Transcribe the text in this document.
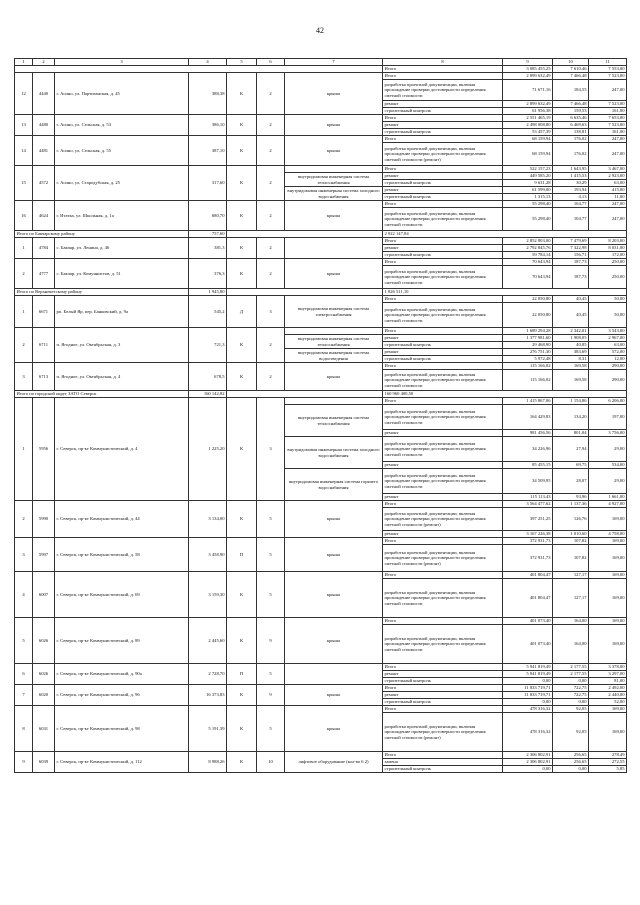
42
1	2	3	4	5	6	7	8	9	10	11
							Итого	3 085 455,25	7 610,46	7 553,00
12	4440	г. Асино, ул. Партизанская, д. 45	388,38	К	2	крыша	Итого	2 899 632,49	7 466,48	7 523,00
							разработка проектной документации, включая прохождение проверки достоверности определения сметной стоимости	71 671,16	184,55	247,00
							ремонт	2 899 632,49	7 466,48	7 523,00
							строительный контроль	61 956,38	159,53	161,00
13	4480	г. Асино, ул. Сельская, д. 53	386,10	К	2	крыша	Итого	2 551 465,19	6 635,46	7 653,00
							ремонт	2 498 008,80	6 469,63	7 523,00
							строительный контроль	53 457,39	138,81	161,00
14	4481	г. Асино, ул. Сельская, д. 55	387,10	К	2	крыша	Итого	68 159,94	176,02	247,00
							разработка проектной документации, включая прохождение проверки достоверности определения сметной стоимости (ремонт)	68 159,94	176,02	247,00
15	4572	г. Асино, ул. Стародубская, д. 25	317,60	К	2		Итого	522 157,23	1 643,95	3 467,00
						внутридомовая инженерная система теплоснабжения	ремонт	449 585,20	1 415,53	2 923,00
							строительный контроль	9 631,28	30,29	63,00
						внутридомовая инженерная система холодного водоснабжения	ремонт	61 599,00	193,94	415,00
							строительный контроль	1 315,13	4,13	11,00
16	4624	г. Итатка, ул. Школьная, д. 1а	680,70	К	2	крыша	Итого	55 298,40	104,77	247,00
							разработка проектной документации, включая прохождение проверки достоверности определения сметной стоимости	55 298,40	104,77	247,00
Итого по Бакчарскому району			757,60				2 922 147,84			
1	4784	с. Бакчар, ул. Ленина, д. 46	381,3	К	2		Итого	2 852 803,00	7 479,69	8 203,00
							ремонт	2 792 845,76	7 322,98	8 031,00
							строительный контроль	59 784,14	156,71	172,00
2	4777	с. Бакчар, ул. Комуннистов, д. 51	376,3	К	2	крыша	Итого	70 643,94	187,73	250,00
							разработка проектной документации, включая прохождение проверки достоверности определения сметной стоимости	70 643,94	187,73	250,00
Итого по Верхнекетскому району			1 945,80				1 826 511,10			
1	6671	рп. Белый Яр, пер. Банковский, д. 9а	545,2	Д	3	внутридомовая инженерная система электроснабжения	Итого	22 050,80	40,45	50,00
							разработка проектной документации, включая прохождение проверки достоверности определения сметной стоимости	22 050,80	40,45	50,00
2	6711	п. Ягодное, ул. Октябрьская, д. 3	721,3	К	2		Итого	1 689 294,28	2 342,01	3 543,00
						внутридомовая инженерная система теплоснабжения	ремонт	1 377 981,60	1 908,05	2 967,00
							строительный контроль	29 468,90	40,85	63,00
						внутридомовая инженерная система водоотведения	ремонт	276 751,30	383,69	572,00
							строительный контроль	5 972,48	8,31	12,00
3	6713	п. Ягодное, ул. Октябрьская, д. 4	678,5	К	2	крыша	Итого	115 166,02	169,58	290,00
							разработка проектной документации, включая прохождение проверки достоверности определения сметной стоимости	115 166,02	169,58	290,00
Итого по городской округ ЗАТО Северск			160 142,82				160 960 400,50			
1	5956	г. Северск, пр-кт Коммунистический, д. 4	1 225,20	К	3		Итого	1 415 867,06	1 154,86	6 206,00
						внутридомовая инженерная система теплоснабжения	разработка проектной документации, включая прохождение проверки достоверности определения сметной стоимости	164 429,83	134,20	197,00
							ремонт	981 456,56	801,04	3 756,00
						внутридомовая инженерная система холодного водоснабжения	разработка проектной документации, включая прохождение проверки достоверности определения сметной стоимости	34 226,96	27,94	29,00
							ремонт	85 455,15	69,75	534,00
						внутридомовая инженерная система горячего водоснабжения	разработка проектной документации, включая прохождение проверки достоверности определения сметной стоимости	34 509,95	28,07	29,00
							ремонт	115 113,43	93,96	1 661,00
2	5990	г. Северск, пр-кт Коммунистический, д. 44	3 134,00	К	5	крыша	Итого	3 564 477,62	1 137,36	4 927,00
							разработка проектной документации, включая прохождение проверки достоверности определения сметной стоимости (ремонт)	397 251,25	126,76	169,00
							ремонт	3 167 226,38	1 010,60	4 758,00
3	5997	г. Северск, пр-кт Коммунистический, д. 58	3 458,90	П	5	крыша	Итого	372 931,73	107,82	169,00
							разработка проектной документации, включая прохождение проверки достоверности определения сметной стоимости (ремонт)	372 931,73	107,82	169,00
4	6007	г. Северск, пр-кт Коммунистический, д. 69	3 159,30	К	5	крыша	Итого	401 804,47	127,17	169,00
							разработка проектной документации, включая прохождение проверки достоверности определения сметной стоимости	401 804,47	127,17	169,00
5	6026	г. Северск, пр-кт Коммунистический, д. 89	2 445,60	К	9	крыша	Итого	401 073,40	164,00	169,00
							разработка проектной документации, включая прохождение проверки достоверности определения сметной стоимости	401 073,40	164,00	169,00
6	6026	г. Северск, пр-кт Коммунистический, д. 90а	2 728,70	П	5		Итого	5 941 819,49	2 177,55	3 378,00
							ремонт	5 941 819,49	2 177,55	3 297,00
							строительный контроль	0,00	0,00	81,00
7	6020	г. Северск, пр-кт Коммунистический, д. 96	16 373,83	К	9	крыша	Итого	11 833 719,71	722,75	2 492,00
							ремонт	11 833 719,71	722,75	2 440,00
							строительный контроль	0,00	0,00	52,00
8	6031	г. Северск, пр-кт Коммунистический, д. 98	5 191,39	К	5	крыша	Итого	478 316,32	92,05	169,00
							разработка проектной документации, включая прохождение проверки достоверности определения сметной стоимости (ремонт)	478 316,32	92,05	169,00
9	6039	г. Северск, пр-кт Коммунистический, д. 112	8 988,26	К	10	лифтовое оборудование (кол-во 6 2)	Итого	2 306 802,91	256,65	278,49
							замена	2 306 802,91	256,65	272,55
							строительный контроль	0,00	0,00	5,85
